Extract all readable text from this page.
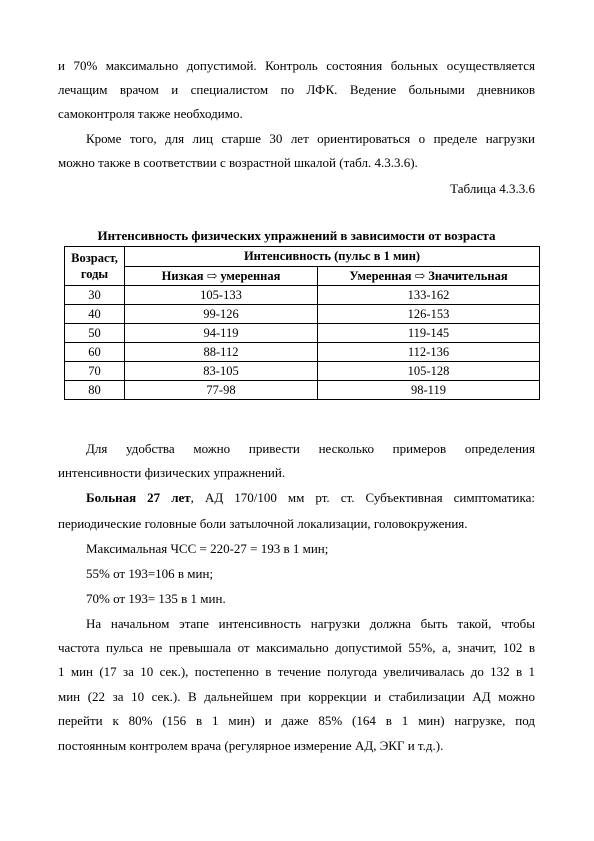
и 70% максимально допустимой. Контроль состояния больных осуществляется
лечащим врачом и специалистом по ЛФК. Ведение больными дневников
самоконтроля также необходимо.
Кроме того, для лиц старше 30 лет ориентироваться о пределе нагрузки
можно также в соответствии с возрастной шкалой (табл. 4.3.3.6).
Таблица 4.3.3.6
Интенсивность физических упражнений в зависимости от возраста
Возраст,
годы	Интенсивность (пульс в 1 мин)	
	Низкая ⇨ умеренная	Умеренная ⇨ Значительная
30	105-133	133-162
40	99-126	126-153
50	94-119	119-145
60	88-112	112-136
70	83-105	105-128
80	77-98	98-119
Для удобства можно привести несколько примеров определения
интенсивности физических упражнений.
Больная 27 лет, АД 170/100 мм рт. ст. Субъективная симптоматика:
периодические головные боли затылочной локализации, головокружения.
Максимальная ЧСС = 220-27 = 193 в 1 мин;
55% от 193=106 в мин;
70% от 193= 135 в 1 мин.
На начальном этапе интенсивность нагрузки должна быть такой, чтобы
частота пульса не превышала от максимально допустимой 55%, а, значит, 102 в
1 мин (17 за 10 сек.), постепенно в течение полугода увеличивалась до 132 в 1
мин (22 за 10 сек.). В дальнейшем при коррекции и стабилизации АД можно
перейти к 80% (156 в 1 мин) и даже 85% (164 в 1 мин) нагрузке, под
постоянным контролем врача (регулярное измерение АД, ЭКГ и т.д.).
